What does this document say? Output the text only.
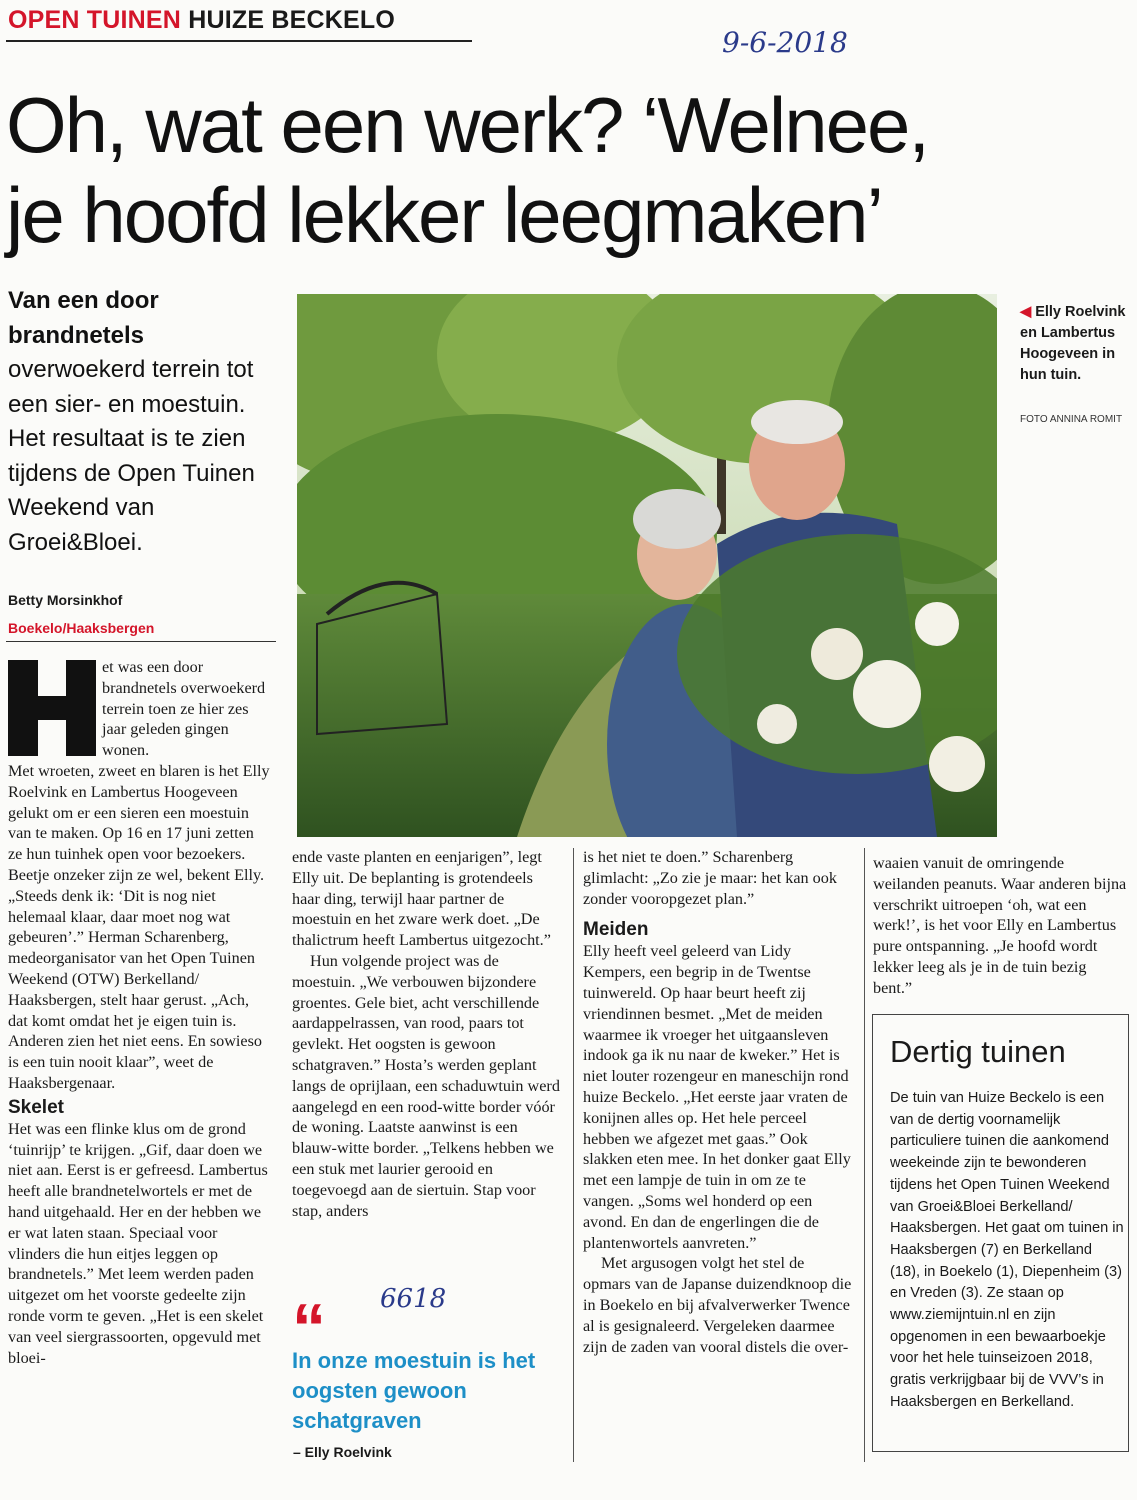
OPEN TUINEN HUIZE BECKELO
9-6-2018
6618
Oh, wat een werk? ‘Welnee,
je hoofd lekker leegmaken’
Van een door
brandnetels
overwoekerd terrein tot een sier- en moestuin. Het resultaat is te zien tijdens de Open Tuinen Weekend van Groei&Bloei.
Betty Morsinkhof
Boekelo/Haaksbergen
et was een door brandnetels overwoekerd terrein toen ze hier zes jaar geleden gingen wonen.

Met wroeten, zweet en blaren is het Elly Roelvink en Lambertus Hoogeveen gelukt om er een sieren een moestuin van te maken. Op 16 en 17 juni zetten ze hun tuinhek open voor bezoekers. Beetje onzeker zijn ze wel, bekent Elly. „Steeds denk ik: ‘Dit is nog niet helemaal klaar, daar moet nog wat gebeuren’.” Herman Scharenberg, medeorganisator van het Open Tuinen Weekend (OTW) Berkelland/ Haaksbergen, stelt haar gerust. „Ach, dat komt omdat het je eigen tuin is. Anderen zien het niet eens. En sowieso is een tuin nooit klaar”, weet de Haaksbergenaar.

Skelet

Het was een flinke klus om de grond ‘tuinrijp’ te krijgen. „Gif, daar doen we niet aan. Eerst is er gefreesd. Lambertus heeft alle brandnetelwortels er met de hand uitgehaald. Her en der hebben we er wat laten staan. Speciaal voor vlinders die hun eitjes leggen op brandnetels.” Met leem werden paden uitgezet om het voorste gedeelte zijn ronde vorm te geven. „Het is een skelet van veel siergrassoorten, opgevuld met bloei-

◀ Elly Roelvink en Lambertus Hoogeveen in hun tuin.
FOTO ANNINA ROMIT

ende vaste planten en eenjarigen”, legt Elly uit. De beplanting is grotendeels haar ding, terwijl haar partner de moestuin en het zware werk doet. „De thalictrum heeft Lambertus uitgezocht.”

Hun volgende project was de moestuin. „We verbouwen bijzondere groentes. Gele biet, acht verschillende aardappelrassen, van rood, paars tot gevlekt. Het oogsten is gewoon schatgraven.” Hosta’s werden geplant langs de oprijlaan, een schaduwtuin werd aangelegd en een rood-witte border vóór de woning. Laatste aanwinst is een blauw-witte border. „Telkens hebben we een stuk met laurier gerooid en toegevoegd aan de siertuin. Stap voor stap, anders

“
In onze moestuin is het oogsten gewoon schatgraven
– Elly Roelvink

is het niet te doen.” Scharenberg glimlacht: „Zo zie je maar: het kan ook zonder vooropgezet plan.”

Meiden

Elly heeft veel geleerd van Lidy Kempers, een begrip in de Twentse tuinwereld. Op haar beurt heeft zij vriendinnen besmet. „Met de meiden waarmee ik vroeger het uitgaansleven indook ga ik nu naar de kweker.” Het is niet louter rozengeur en maneschijn rond huize Beckelo. „Het eerste jaar vraten de konijnen alles op. Het hele perceel hebben we afgezet met gaas.” Ook slakken eten mee. In het donker gaat Elly met een lampje de tuin in om ze te vangen. „Soms wel honderd op een avond. En dan de engerlingen die de plantenwortels aanvreten.”

Met argusogen volgt het stel de opmars van de Japanse duizendknoop die in Boekelo en bij afvalverwerker Twence al is gesignaleerd. Vergeleken daarmee zijn de zaden van vooral distels die over-

waaien vanuit de omringende weilanden peanuts. Waar anderen bijna verschrikt uitroepen ‘oh, wat een werk!’, is het voor Elly en Lambertus pure ontspanning. „Je hoofd wordt lekker leeg als je in de tuin bezig bent.”

Dertig tuinen
De tuin van Huize Beckelo is een van de dertig voornamelijk particuliere tuinen die aankomend weekeinde zijn te bewonderen tijdens het Open Tuinen Weekend van Groei&Bloei Berkelland/ Haaksbergen. Het gaat om tuinen in Haaksbergen (7) en Berkelland (18), in Boekelo (1), Diepenheim (3) en Vreden (3). Ze staan op www.ziemijntuin.nl en zijn opgenomen in een bewaarboekje voor het hele tuinseizoen 2018, gratis verkrijgbaar bij de VVV’s in Haaksbergen en Berkelland.
